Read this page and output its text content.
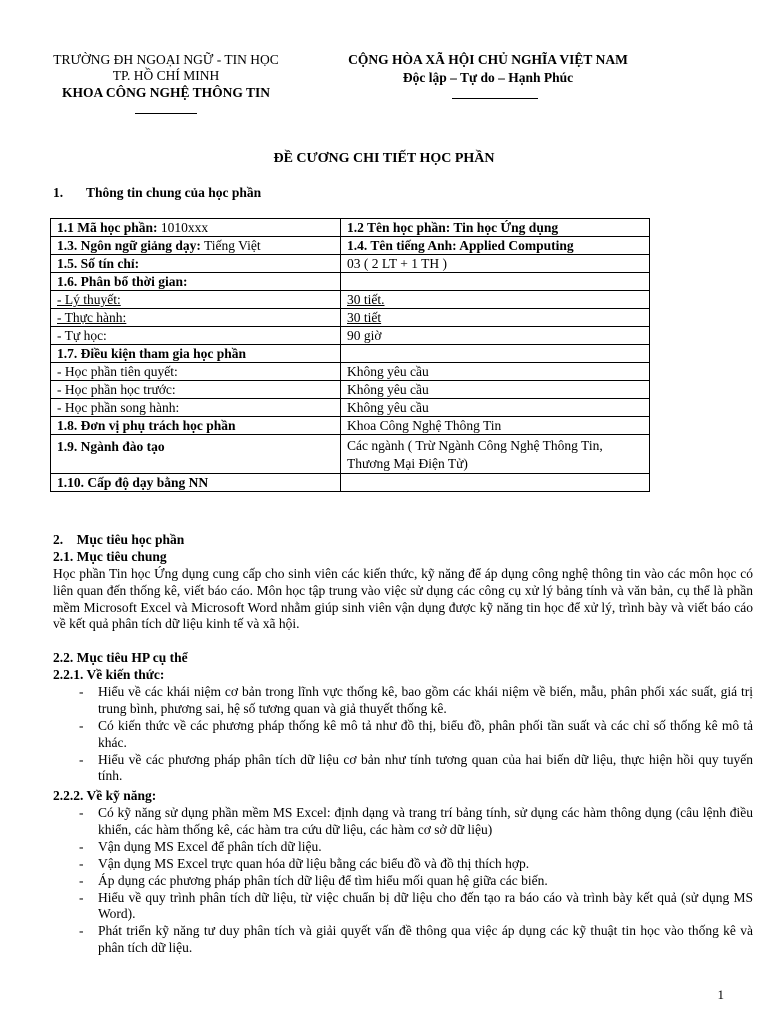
TRƯỜNG ĐH NGOẠI NGỮ - TIN HỌC
TP. HỒ CHÍ MINH
KHOA CÔNG NGHỆ THÔNG TIN
CỘNG HÒA XÃ HỘI CHỦ NGHĨA VIỆT NAM
Độc lập – Tự do – Hạnh Phúc
ĐỀ CƯƠNG CHI TIẾT HỌC PHẦN
1. Thông tin chung của học phần
1.1 Mã học phần: 1010xxx	1.2 Tên học phần: Tin học Ứng dụng
1.3. Ngôn ngữ giảng dạy: Tiếng Việt	1.4. Tên tiếng Anh: Applied Computing
1.5. Số tín chỉ:	03 ( 2 LT + 1 TH )
1.6. Phân bổ thời gian:	
- Lý thuyết:	30 tiết.
- Thực hành:	30 tiết
- Tự học:	90 giờ
1.7. Điều kiện tham gia học phần	
- Học phần tiên quyết:	Không yêu cầu
- Học phần học trước:	Không yêu cầu
- Học phần song hành:	Không yêu cầu
1.8. Đơn vị phụ trách học phần	Khoa Công Nghệ Thông Tin
1.9. Ngành đào tạo	Các ngành ( Trừ Ngành Công Nghệ Thông Tin, Thương Mại Điện Tử)
1.10. Cấp độ dạy bằng NN	
2.    Mục tiêu học phần
2.1. Mục tiêu chung
Học phần Tin học Ứng dụng cung cấp cho sinh viên các kiến thức, kỹ năng để áp dụng công nghệ thông tin vào các môn học có liên quan đến thống kê, viết báo cáo. Môn học tập trung vào việc sử dụng các công cụ xử lý bảng tính và văn bản, cụ thể là phần mềm Microsoft Excel và Microsoft Word nhằm giúp sinh viên vận dụng được kỹ năng tin học để xử lý, trình bày và viết báo cáo về kết quả phân tích dữ liệu kinh tế và xã hội.
2.2. Mục tiêu HP cụ thể
2.2.1. Về kiến thức:
- Hiểu về các khái niệm cơ bản trong lĩnh vực thống kê, bao gồm các khái niệm về biến, mẫu, phân phối xác suất, giá trị trung bình, phương sai, hệ số tương quan và giả thuyết thống kê.
- Có kiến thức về các phương pháp thống kê mô tả như đồ thị, biểu đồ, phân phối tần suất và các chỉ số thống kê mô tả khác.
- Hiểu về các phương pháp phân tích dữ liệu cơ bản như tính tương quan của hai biến dữ liệu, thực hiện hồi quy tuyến tính.
2.2.2. Về kỹ năng:
- Có kỹ năng sử dụng phần mềm MS Excel: định dạng và trang trí bảng tính, sử dụng các hàm thông dụng (câu lệnh điều khiển, các hàm thống kê, các hàm tra cứu dữ liệu, các hàm cơ sở dữ liệu)
- Vận dụng MS Excel để phân tích dữ liệu.
- Vận dụng MS Excel trực quan hóa dữ liệu bằng các biểu đồ và đồ thị thích hợp.
- Áp dụng các phương pháp phân tích dữ liệu để tìm hiểu mối quan hệ giữa các biến.
- Hiểu về quy trình phân tích dữ liệu, từ việc chuẩn bị dữ liệu cho đến tạo ra báo cáo và trình bày kết quả (sử dụng MS Word).
- Phát triển kỹ năng tư duy phân tích và giải quyết vấn đề thông qua việc áp dụng các kỹ thuật tin học vào thống kê và phân tích dữ liệu.
1
